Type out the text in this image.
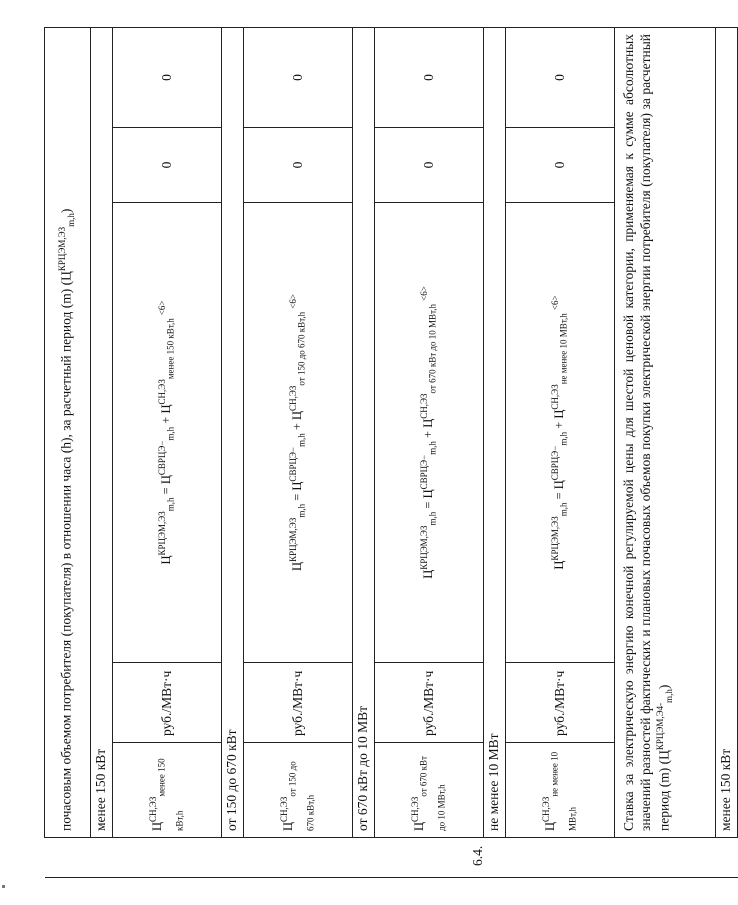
	почасовым объемом потребителя (покупателя) в отношении часа (h), за расчетный период (m) $(Ц^{КРЦЭМ,ЭЗ}_{m,h})$				
	менее 150 кВт				
	$Ц^{СН,ЭЗ}_{менее 150 кВт,h}$	руб./МВт·ч	$Ц^{КРЦЭМ,ЭЗ}_{m,h} = Ц^{СВРЦЭ-}_{m,h} + Ц^{СН,ЭЗ}_{менее 150 кВт,h}$ $^{<6>}$	0	0
	от 150 до 670 кВт				
	$Ц^{СН,ЭЗ}_{от 150 до 670 кВт,h}$	руб./МВт·ч	$Ц^{КРЦЭМ,ЭЗ}_{m,h} = Ц^{СВРЦЭ-}_{m,h} + Ц^{СН,ЭЗ}_{от 150 до 670 кВт,h}$ $^{<6>}$	0	0
	от 670 кВт до 10 МВт				
	$Ц^{СН,ЭЗ}_{от 670 кВт до 10 МВт,h}$	руб./МВт·ч	$Ц^{КРЦЭМ,ЭЗ}_{m,h} = Ц^{СВРЦЭ-}_{m,h} + Ц^{СН,ЭЗ}_{от 670 кВт до 10 МВт,h}$ $^{<6>}$	0	0
	не менее 10 МВт				
	$Ц^{СН,ЭЗ}_{не менее 10 МВт,h}$	руб./МВт·ч	$Ц^{КРЦЭМ,ЭЗ}_{m,h} = Ц^{СВРЦЭ-}_{m,h} + Ц^{СН,ЭЗ}_{не менее 10 МВт,h}$ $^{<6>}$	0	0
	Ставка за электрическую энергию конечной регулируемой цены для шестой ценовой категории, применяемая к сумме абсолютных значений разностей фактических и плановых почасовых объемов покупки электрической энергии потребителя (покупателя) за расчетный период (m) $(Ц^{КРЦЭМ,Э4-}_{m,h})$				
	менее 150 кВт				
6.4.
